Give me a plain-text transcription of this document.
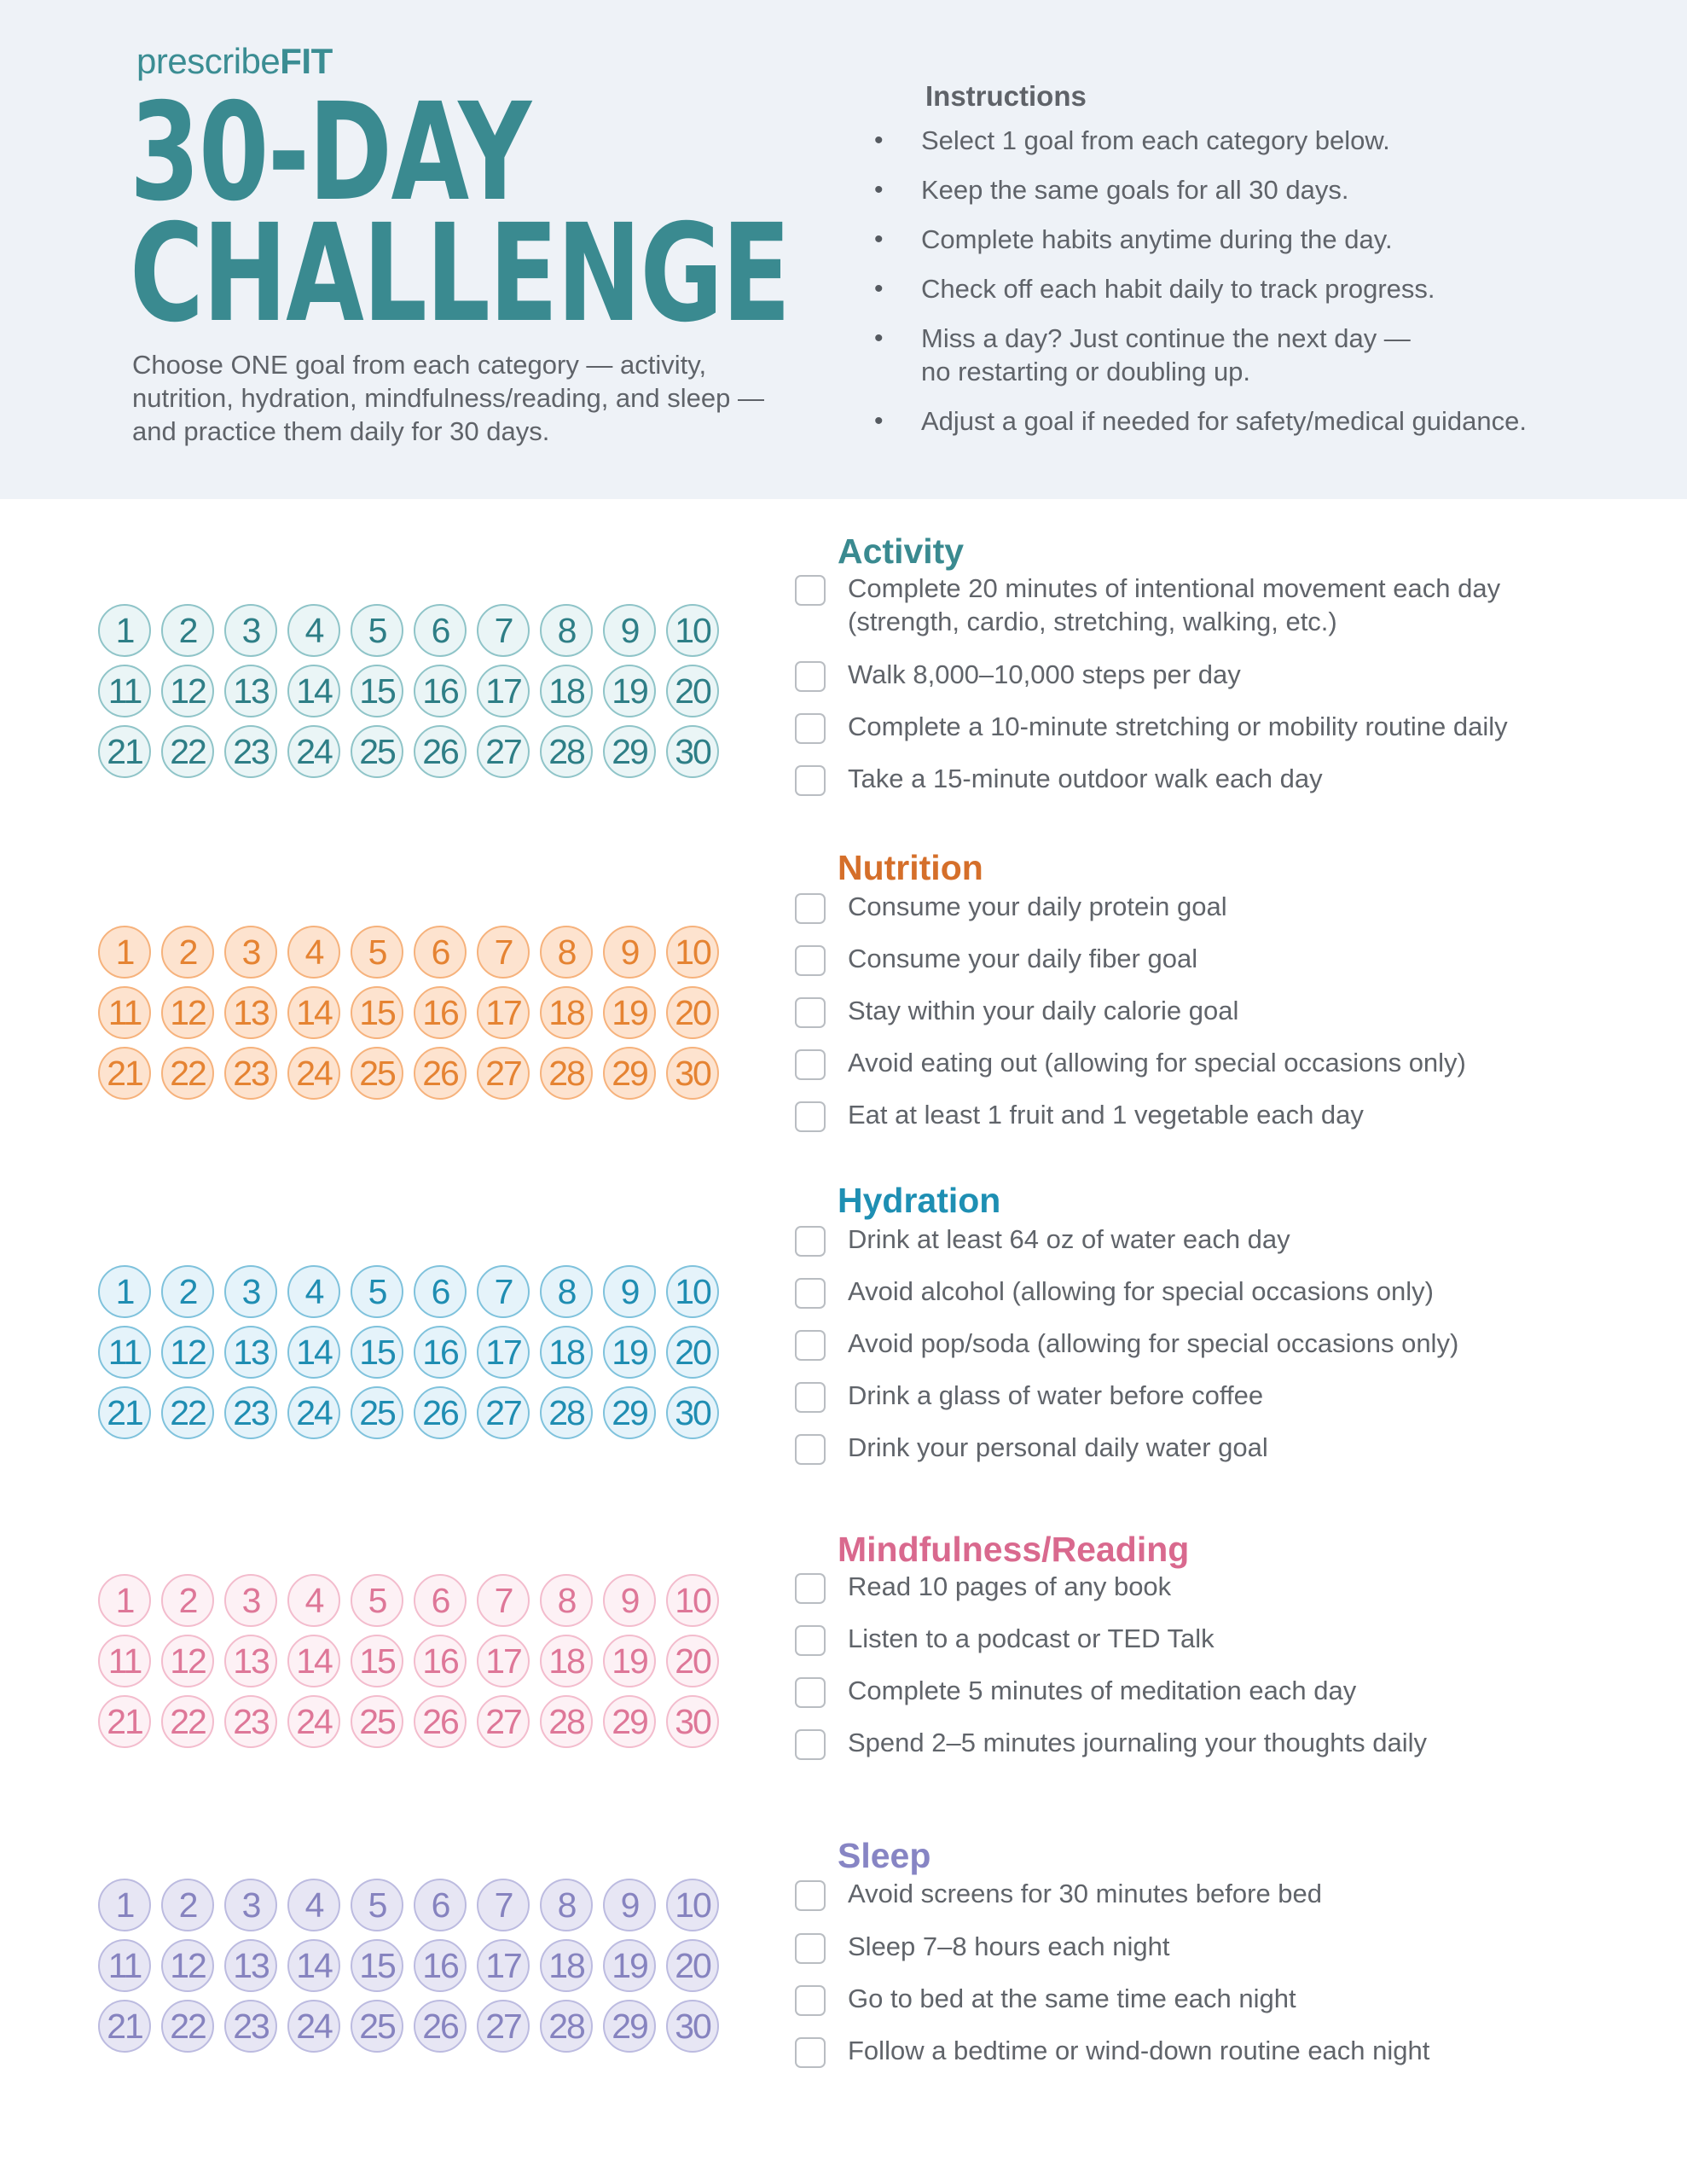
prescribeFIT
30-DAY
CHALLENGE
Choose ONE goal from each category — activity, nutrition, hydration, mindfulness/reading, and sleep — and practice them daily for 30 days.
Instructions
• Select 1 goal from each category below.
• Keep the same goals for all 30 days.
• Complete habits anytime during the day.
• Check off each habit daily to track progress.
• Miss a day? Just continue the next day —
no restarting or doubling up.
• Adjust a goal if needed for safety/medical guidance.
1	2	3	4	5	6	7	8	9	10
11 12 13 14 15 16 17 18 19 20
21 22 23 24 25 26 27 28 29 30
Activity
Complete 20 minutes of intentional movement each day
(strength, cardio, stretching, walking, etc.)
Walk 8,000–10,000 steps per day
Complete a 10-minute stretching or mobility routine daily
Take a 15-minute outdoor walk each day
1	2	3	4	5	6	7	8	9	10
11 12 13 14 15 16 17 18 19 20
21 22 23 24 25 26 27 28 29 30
Nutrition
Consume your daily protein goal
Consume your daily fiber goal
Stay within your daily calorie goal
Avoid eating out (allowing for special occasions only)
Eat at least 1 fruit and 1 vegetable each day
1	2	3	4	5	6	7	8	9	10
11 12 13 14 15 16 17 18 19 20
21 22 23 24 25 26 27 28 29 30
Hydration
Drink at least 64 oz of water each day
Avoid alcohol (allowing for special occasions only)
Avoid pop/soda (allowing for special occasions only)
Drink a glass of water before coffee
Drink your personal daily water goal
1	2	3	4	5	6	7	8	9	10
11 12 13 14 15 16 17 18 19 20
21 22 23 24 25 26 27 28 29 30
Mindfulness/Reading
Read 10 pages of any book
Listen to a podcast or TED Talk
Complete 5 minutes of meditation each day
Spend 2–5 minutes journaling your thoughts daily
1	2	3	4	5	6	7	8	9	10
11 12 13 14 15 16 17 18 19 20
21 22 23 24 25 26 27 28 29 30
Sleep
Avoid screens for 30 minutes before bed
Sleep 7–8 hours each night
Go to bed at the same time each night
Follow a bedtime or wind-down routine each night
